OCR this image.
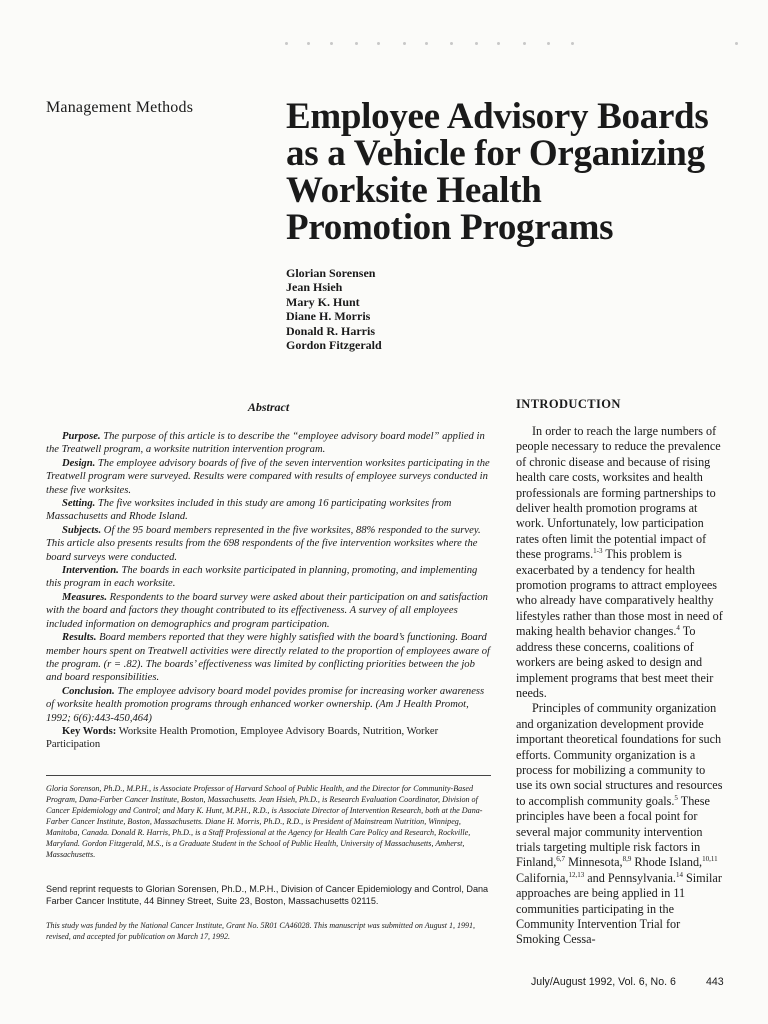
Management Methods	Employee Advisory Boards
as a Vehicle for Organizing
Worksite Health
Promotion Programs
Glorian Sorensen
Jean Hsieh
Mary K. Hunt
Diane H. Morris
Donald R. Harris
Gordon Fitzgerald
Abstract

Purpose. The purpose of this article is to describe the “employee advisory board model” applied in the Treatwell program, a worksite nutrition intervention program.

Design. The employee advisory boards of five of the seven intervention worksites participating in the Treatwell program were surveyed. Results were compared with results of employee surveys conducted in these five worksites.

Setting. The five worksites included in this study are among 16 participating worksites from Massachusetts and Rhode Island.

Subjects. Of the 95 board members represented in the five worksites, 88% responded to the survey. This article also presents results from the 698 respondents of the five intervention worksites where the board surveys were conducted.

Intervention. The boards in each worksite participated in planning, promoting, and implementing this program in each worksite.

Measures. Respondents to the board survey were asked about their participation on and satisfaction with the board and factors they thought contributed to its effectiveness. A survey of all employees included information on demographics and program participation.

Results. Board members reported that they were highly satisfied with the board’s functioning. Board member hours spent on Treatwell activities were directly related to the proportion of employees aware of the program. (r = .82). The boards’ effectiveness was limited by conflicting priorities between the job and board responsibilities.

Conclusion. The employee advisory board model povides promise for increasing worker awareness of worksite health promotion programs through enhanced worker ownership. (Am J Health Promot, 1992; 6(6):443-450,464)

Key Words: Worksite Health Promotion, Employee Advisory Boards, Nutrition, Worker Participation

Gloria Sorenson, Ph.D., M.P.H., is Associate Professor of Harvard School of Public Health, and the Director for Community-Based Program, Dana-Farber Cancer Institute, Boston, Massachusetts. Jean Hsieh, Ph.D., is Research Evaluation Coordinator, Division of Cancer Epidemiology and Control; and Mary K. Hunt, M.P.H., R.D., is Associate Director of Intervention Research, both at the Dana-Farber Cancer Institute, Boston, Massachusetts. Diane H. Morris, Ph.D., R.D., is President of Mainstream Nutrition, Winnipeg, Manitoba, Canada. Donald R. Harris, Ph.D., is a Staff Professional at the Agency for Health Care Policy and Research, Rockville, Maryland. Gordon Fitzgerald, M.S., is a Graduate Student in the School of Public Health, University of Massachusetts, Amherst, Massachusetts.
Send reprint requests to Glorian Sorensen, Ph.D., M.P.H., Division of Cancer Epidemiology and Control, Dana Farber Cancer Institute, 44 Binney Street, Suite 23, Boston, Massachusetts 02115.
This study was funded by the National Cancer Institute, Grant No. 5R01 CA46028. This manuscript was submitted on August 1, 1991, revised, and accepted for publication on March 17, 1992.
INTRODUCTION

In order to reach the large numbers of people necessary to reduce the prevalence of chronic disease and because of rising health care costs, worksites and health professionals are forming partnerships to deliver health promotion programs at work. Unfortunately, low participation rates often limit the potential impact of these programs.$^{1-3}$ This problem is exacerbated by a tendency for health promotion programs to attract employees who already have comparatively healthy lifestyles rather than those most in need of making health behavior changes.$^4$ To address these concerns, coalitions of workers are being asked to design and implement programs that best meet their needs.

Principles of community organization and organization development provide important theoretical foundations for such efforts. Community organization is a process for mobilizing a community to use its own social structures and resources to accomplish community goals.$^5$ These principles have been a focal point for several major community intervention trials targeting multiple risk factors in Finland,$^{6,7}$ Minnesota,$^{8,9}$ Rhode Island,$^{10,11}$ California,$^{12,13}$ and Pennsylvania.$^{14}$ Similar approaches are being applied in 11 communities participating in the Community Intervention Trial for Smoking Cessa-

July/August 1992, Vol. 6, No. 6	443
